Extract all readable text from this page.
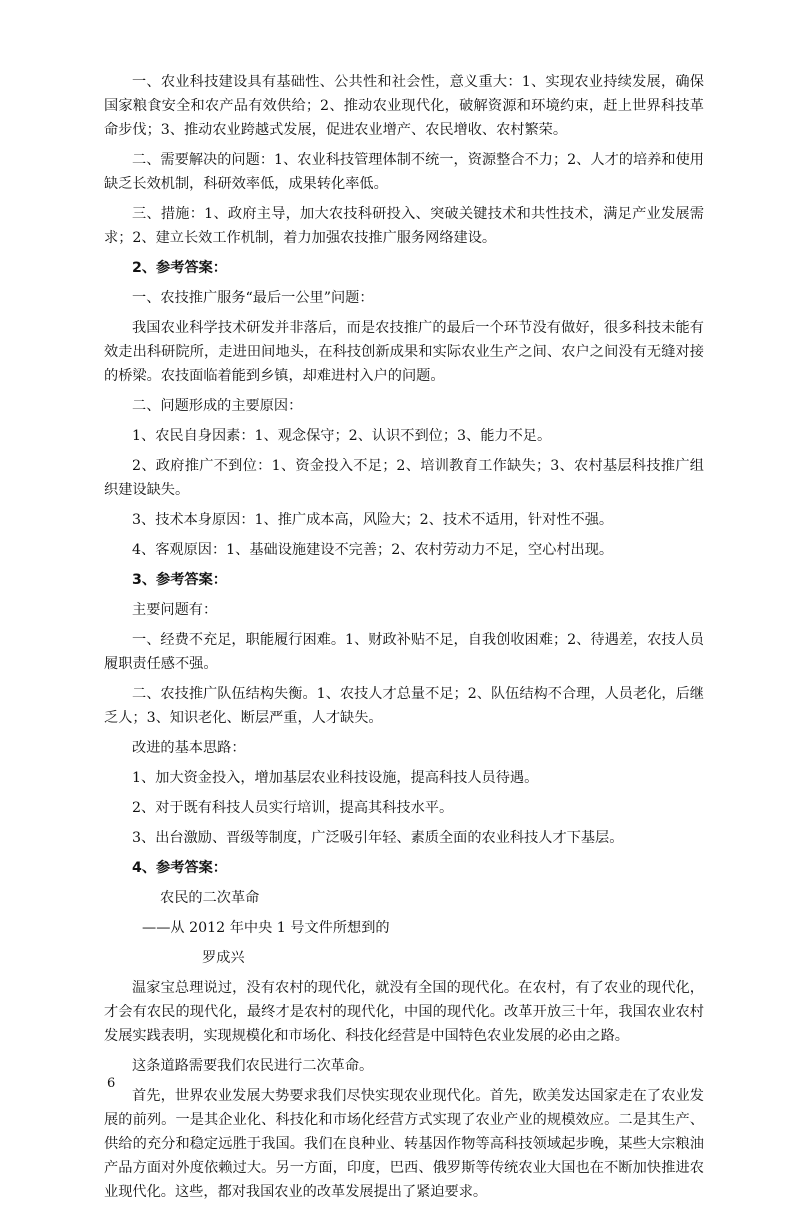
一、农业科技建设具有基础性、公共性和社会性，意义重大：1、实现农业持续发展，确保国家粮食安全和农产品有效供给；2、推动农业现代化，破解资源和环境约束，赶上世界科技革命步伐；3、推动农业跨越式发展，促进农业增产、农民增收、农村繁荣。

二、需要解决的问题：1、农业科技管理体制不统一，资源整合不力；2、人才的培养和使用缺乏长效机制，科研效率低，成果转化率低。

三、措施：1、政府主导，加大农技科研投入、突破关键技术和共性技术，满足产业发展需求；2、建立长效工作机制，着力加强农技推广服务网络建设。

2、参考答案：

一、农技推广服务“最后一公里”问题：

我国农业科学技术研发并非落后，而是农技推广的最后一个环节没有做好，很多科技未能有效走出科研院所，走进田间地头，在科技创新成果和实际农业生产之间、农户之间没有无缝对接的桥梁。农技面临着能到乡镇，却难进村入户的问题。

二、问题形成的主要原因：

1、农民自身因素：1、观念保守；2、认识不到位；3、能力不足。

2、政府推广不到位：1、资金投入不足；2、培训教育工作缺失；3、农村基层科技推广组织建设缺失。

3、技术本身原因：1、推广成本高，风险大；2、技术不适用，针对性不强。

4、客观原因：1、基础设施建设不完善；2、农村劳动力不足，空心村出现。

3、参考答案：

主要问题有：

一、经费不充足，职能履行困难。1、财政补贴不足，自我创收困难；2、待遇差，农技人员履职责任感不强。

二、农技推广队伍结构失衡。1、农技人才总量不足；2、队伍结构不合理，人员老化，后继乏人；3、知识老化、断层严重，人才缺失。

改进的基本思路：

1、加大资金投入，增加基层农业科技设施，提高科技人员待遇。

2、对于既有科技人员实行培训，提高其科技水平。

3、出台激励、晋级等制度，广泛吸引年轻、素质全面的农业科技人才下基层。

4、参考答案：

农民的二次革命

——从 2012 年中央 1 号文件所想到的

罗成兴

温家宝总理说过，没有农村的现代化，就没有全国的现代化。在农村，有了农业的现代化，才会有农民的现代化，最终才是农村的现代化，中国的现代化。改革开放三十年，我国农业农村发展实践表明，实现规模化和市场化、科技化经营是中国特色农业发展的必由之路。

这条道路需要我们农民进行二次革命。

首先，世界农业发展大势要求我们尽快实现农业现代化。首先，欧美发达国家走在了农业发展的前列。一是其企业化、科技化和市场化经营方式实现了农业产业的规模效应。二是其生产、供给的充分和稳定远胜于我国。我们在良种业、转基因作物等高科技领域起步晚，某些大宗粮油产品方面对外度依赖过大。另一方面，印度，巴西、俄罗斯等传统农业大国也在不断加快推进农业现代化。这些，都对我国农业的改革发展提出了紧迫要求。

6
